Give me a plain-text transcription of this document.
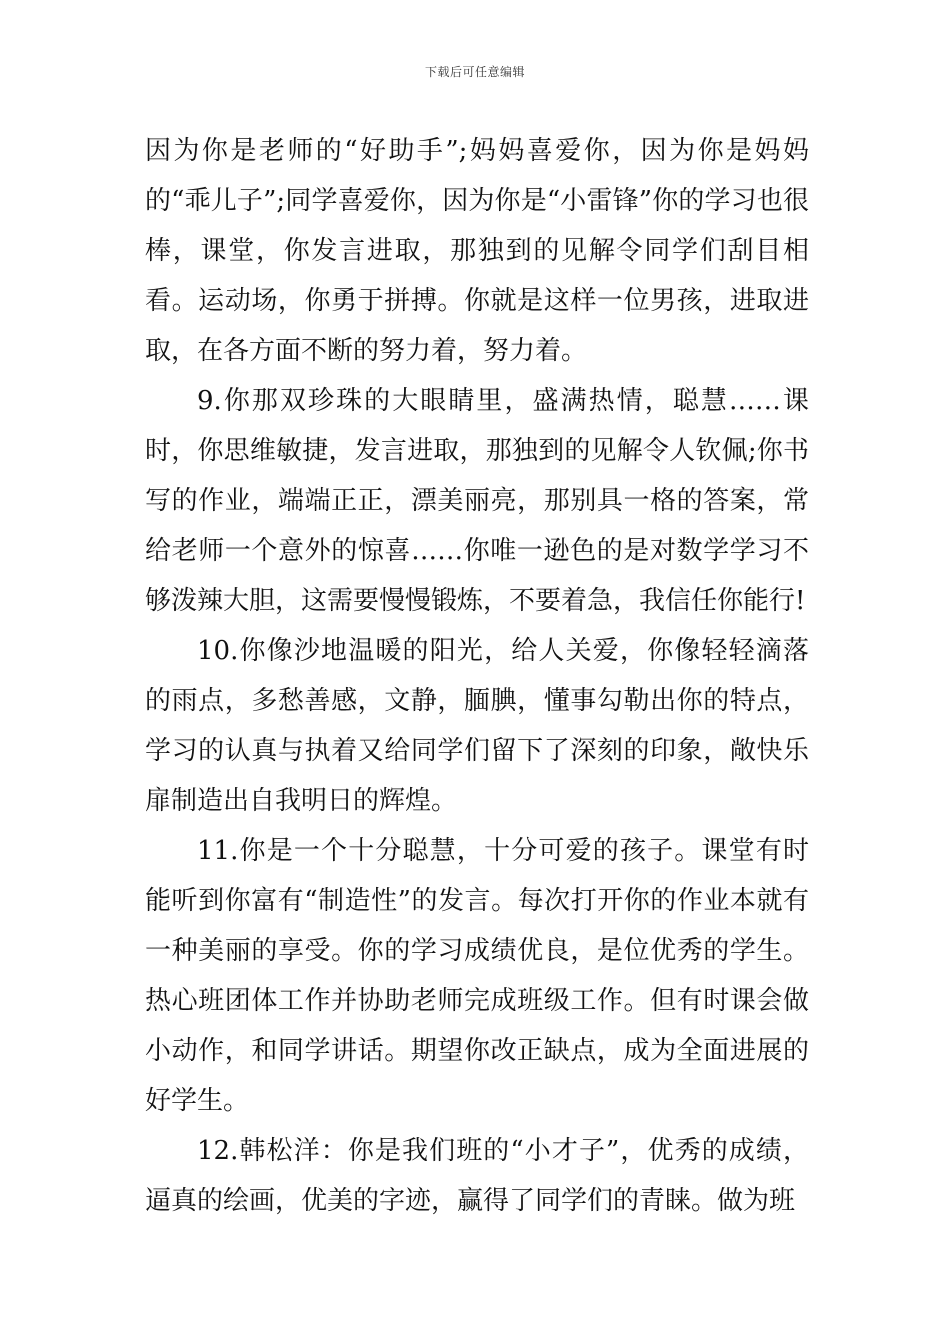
下载后可任意编辑

因为你是老师的“好助手”;妈妈喜爱你，因为你是妈妈的“乖儿子”;同学喜爱你，因为你是“小雷锋”你的学习也很棒，课堂，你发言进取，那独到的见解令同学们刮目相看。运动场，你勇于拼搏。你就是这样一位男孩，进取进取，在各方面不断的努力着，努力着。

9.你那双珍珠的大眼睛里，盛满热情，聪慧……课时，你思维敏捷，发言进取，那独到的见解令人钦佩;你书写的作业，端端正正，漂美丽亮，那别具一格的答案，常给老师一个意外的惊喜……你唯一逊色的是对数学学习不够泼辣大胆，这需要慢慢锻炼，不要着急，我信任你能行!

10.你像沙地温暖的阳光，给人关爱，你像轻轻滴落的雨点，多愁善感，文静，腼腆，懂事勾勒出你的特点，学习的认真与执着又给同学们留下了深刻的印象，敞快乐扉制造出自我明日的辉煌。

11.你是一个十分聪慧，十分可爱的孩子。课堂有时能听到你富有“制造性”的发言。每次打开你的作业本就有一种美丽的享受。你的学习成绩优良，是位优秀的学生。热心班团体工作并协助老师完成班级工作。但有时课会做小动作，和同学讲话。期望你改正缺点，成为全面进展的好学生。

12.韩松洋：你是我们班的“小才子”，优秀的成绩，逼真的绘画，优美的字迹，赢得了同学们的青睐。做为班
